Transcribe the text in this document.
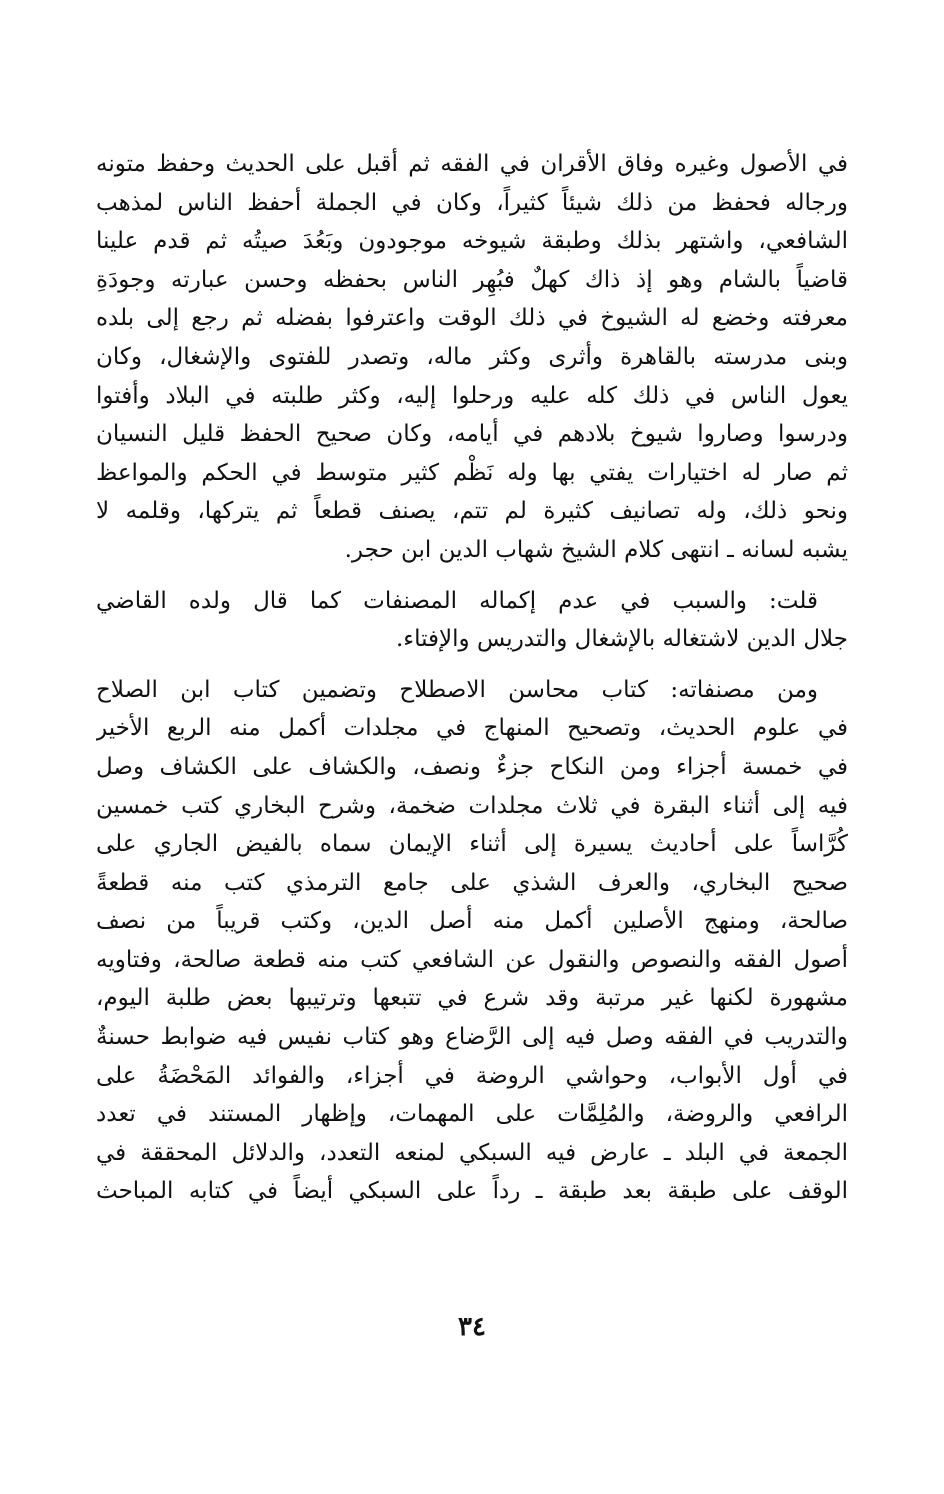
في الأصول وغيره وفاق الأقران في الفقه ثم أقبل على الحديث وحفظ متونه
ورجاله فحفظ من ذلك شيئاً كثيراً، وكان في الجملة أحفظ الناس لمذهب
الشافعي، واشتهر بذلك وطبقة شيوخه موجودون وبَعُدَ صيتُه ثم قدم علينا
قاضياً بالشام وهو إذ ذاك كهلٌ فبُهِر الناس بحفظه وحسن عبارته وجودَةِ
معرفته وخضع له الشيوخ في ذلك الوقت واعترفوا بفضله ثم رجع إلى بلده
وبنى مدرسته بالقاهرة وأثرى وكثر ماله، وتصدر للفتوى والإشغال، وكان
يعول الناس في ذلك كله عليه ورحلوا إليه، وكثر طلبته في البلاد وأفتوا
ودرسوا وصاروا شيوخ بلادهم في أيامه، وكان صحيح الحفظ قليل النسيان
ثم صار له اختيارات يفتي بها وله نَظْم كثير متوسط في الحكم والمواعظ
ونحو ذلك، وله تصانيف كثيرة لم تتم، يصنف قطعاً ثم يتركها، وقلمه لا
يشبه لسانه ـ انتهى كلام الشيخ شهاب الدين ابن حجر.
قلت: والسبب في عدم إكماله المصنفات كما قال ولده القاضي
جلال الدين لاشتغاله بالإشغال والتدريس والإفتاء.
ومن مصنفاته: كتاب محاسن الاصطلاح وتضمين كتاب ابن الصلاح
في علوم الحديث، وتصحيح المنهاج في مجلدات أكمل منه الربع الأخير
في خمسة أجزاء ومن النكاح جزءٌ ونصف، والكشاف على الكشاف وصل
فيه إلى أثناء البقرة في ثلاث مجلدات ضخمة، وشرح البخاري كتب خمسين
كُرَّاساً على أحاديث يسيرة إلى أثناء الإيمان سماه بالفيض الجاري على
صحيح البخاري، والعرف الشذي على جامع الترمذي كتب منه قطعةً
صالحة، ومنهج الأصلين أكمل منه أصل الدين، وكتب قريباً من نصف
أصول الفقه والنصوص والنقول عن الشافعي كتب منه قطعة صالحة، وفتاويه
مشهورة لكنها غير مرتبة وقد شرع في تتبعها وترتيبها بعض طلبة اليوم،
والتدريب في الفقه وصل فيه إلى الرَّضاع وهو كتاب نفيس فيه ضوابط حسنةٌ
في أول الأبواب، وحواشي الروضة في أجزاء، والفوائد المَحْضَةُ على
الرافعي والروضة، والمُلِمَّات على المهمات، وإظهار المستند في تعدد
الجمعة في البلد ـ عارض فيه السبكي لمنعه التعدد، والدلائل المحققة في
الوقف على طبقة بعد طبقة ـ رداً على السبكي أيضاً في كتابه المباحث
٣٤
